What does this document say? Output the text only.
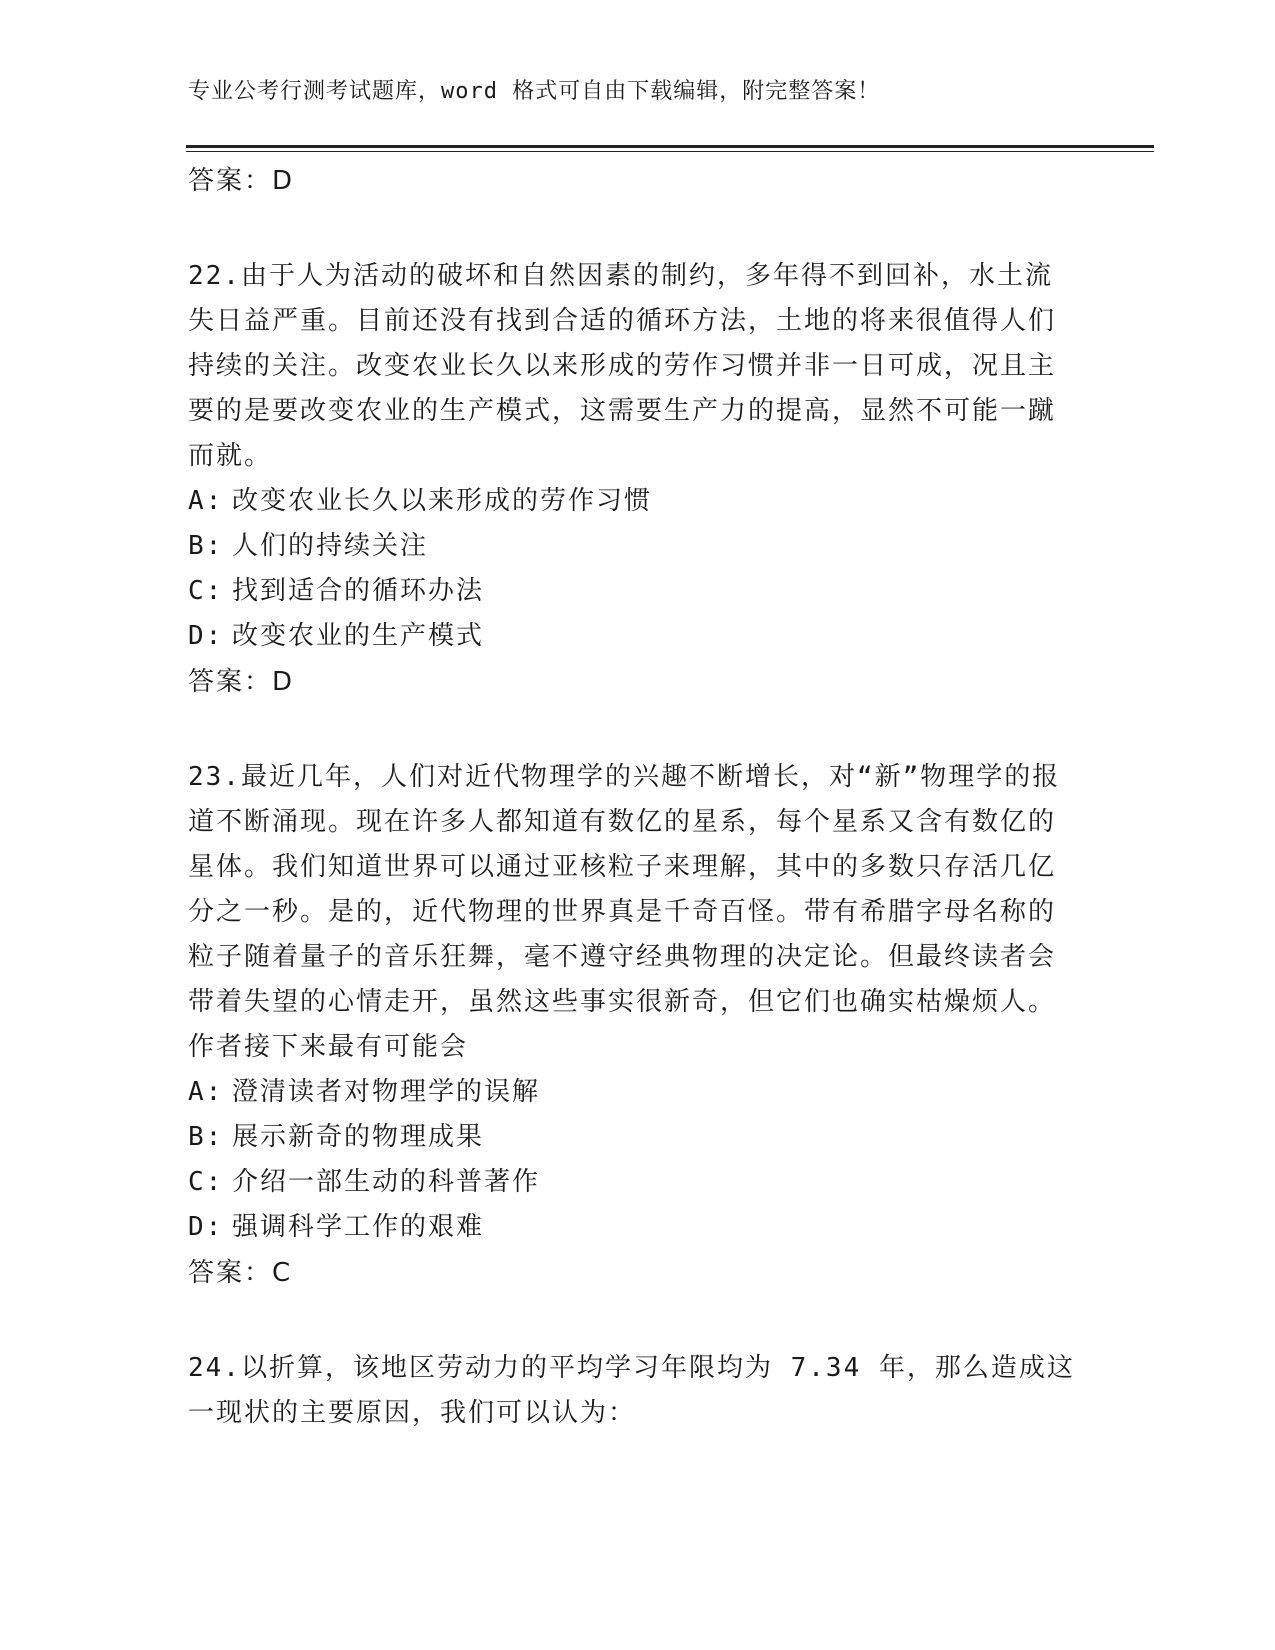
专业公考行测考试题库，word 格式可自由下载编辑，附完整答案！
答案：D
22.由于人为活动的破坏和自然因素的制约，多年得不到回补，水土流失日益严重。目前还没有找到合适的循环方法，土地的将来很值得人们持续的关注。改变农业长久以来形成的劳作习惯并非一日可成，况且主要的是要改变农业的生产模式，这需要生产力的提高，显然不可能一蹴而就。
A: 改变农业长久以来形成的劳作习惯
B: 人们的持续关注
C: 找到适合的循环办法
D: 改变农业的生产模式
答案：D
23.最近几年，人们对近代物理学的兴趣不断增长，对“新”物理学的报道不断涌现。现在许多人都知道有数亿的星系，每个星系又含有数亿的星体。我们知道世界可以通过亚核粒子来理解，其中的多数只存活几亿分之一秒。是的，近代物理的世界真是千奇百怪。带有希腊字母名称的粒子随着量子的音乐狂舞，毫不遵守经典物理的决定论。但最终读者会带着失望的心情走开，虽然这些事实很新奇，但它们也确实枯燥烦人。作者接下来最有可能会
A: 澄清读者对物理学的误解
B: 展示新奇的物理成果
C: 介绍一部生动的科普著作
D: 强调科学工作的艰难
答案：C
24.以折算，该地区劳动力的平均学习年限均为 7.34 年，那么造成这一现状的主要原因，我们可以认为：
